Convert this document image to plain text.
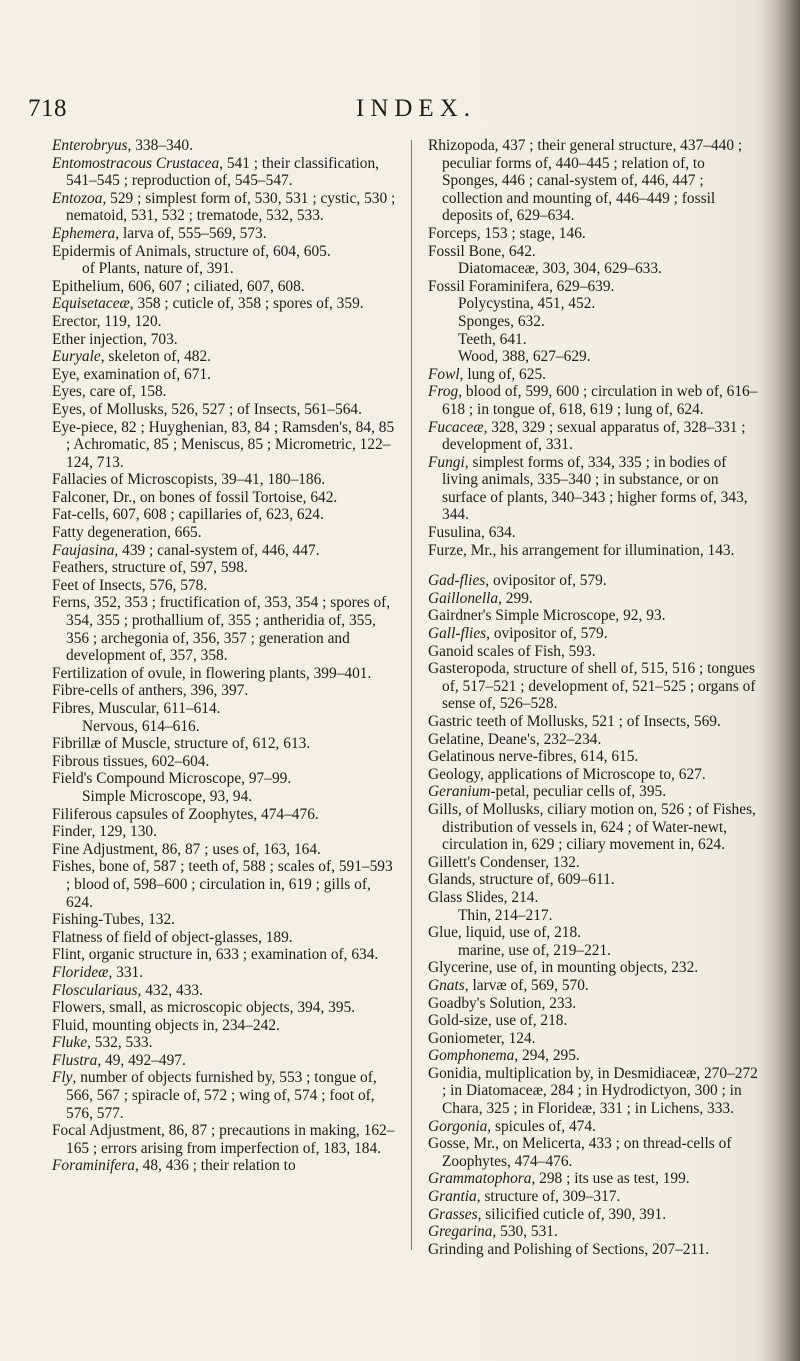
718	INDEX.

Enterobryus, 338–340.

Entomostracous Crustacea, 541 ; their classification, 541–545 ; reproduction of, 545–547.

Entozoa, 529 ; simplest form of, 530, 531 ; cystic, 530 ; nematoid, 531, 532 ; trematode, 532, 533.

Ephemera, larva of, 555–569, 573.

Epidermis of Animals, structure of, 604, 605.

of Plants, nature of, 391.

Epithelium, 606, 607 ; ciliated, 607, 608.

Equisetaceæ, 358 ; cuticle of, 358 ; spores of, 359.

Erector, 119, 120.

Ether injection, 703.

Euryale, skeleton of, 482.

Eye, examination of, 671.

Eyes, care of, 158.

Eyes, of Mollusks, 526, 527 ; of Insects, 561–564.

Eye-piece, 82 ; Huyghenian, 83, 84 ; Ramsden's, 84, 85 ; Achromatic, 85 ; Meniscus, 85 ; Micrometric, 122–124, 713.

Fallacies of Microscopists, 39–41, 180–186.

Falconer, Dr., on bones of fossil Tortoise, 642.

Fat-cells, 607, 608 ; capillaries of, 623, 624.

Fatty degeneration, 665.

Faujasina, 439 ; canal-system of, 446, 447.

Feathers, structure of, 597, 598.

Feet of Insects, 576, 578.

Ferns, 352, 353 ; fructification of, 353, 354 ; spores of, 354, 355 ; prothallium of, 355 ; antheridia of, 355, 356 ; archegonia of, 356, 357 ; generation and development of, 357, 358.

Fertilization of ovule, in flowering plants, 399–401.

Fibre-cells of anthers, 396, 397.

Fibres, Muscular, 611–614.

Nervous, 614–616.

Fibrillæ of Muscle, structure of, 612, 613.

Fibrous tissues, 602–604.

Field's Compound Microscope, 97–99.

Simple Microscope, 93, 94.

Filiferous capsules of Zoophytes, 474–476.

Finder, 129, 130.

Fine Adjustment, 86, 87 ; uses of, 163, 164.

Fishes, bone of, 587 ; teeth of, 588 ; scales of, 591–593 ; blood of, 598–600 ; circulation in, 619 ; gills of, 624.

Fishing-Tubes, 132.

Flatness of field of object-glasses, 189.

Flint, organic structure in, 633 ; examination of, 634.

Florideæ, 331.

Flosculariaus, 432, 433.

Flowers, small, as microscopic objects, 394, 395.

Fluid, mounting objects in, 234–242.

Fluke, 532, 533.

Flustra, 49, 492–497.

Fly, number of objects furnished by, 553 ; tongue of, 566, 567 ; spiracle of, 572 ; wing of, 574 ; foot of, 576, 577.

Focal Adjustment, 86, 87 ; precautions in making, 162–165 ; errors arising from imperfection of, 183, 184.

Foraminifera, 48, 436 ; their relation to

Rhizopoda, 437 ; their general structure, 437–440 ; peculiar forms of, 440–445 ; relation of, to Sponges, 446 ; canal-system of, 446, 447 ; collection and mounting of, 446–449 ; fossil deposits of, 629–634.

Forceps, 153 ; stage, 146.

Fossil Bone, 642.

Diatomaceæ, 303, 304, 629–633.

Fossil Foraminifera, 629–639.

Polycystina, 451, 452.

Sponges, 632.

Teeth, 641.

Wood, 388, 627–629.

Fowl, lung of, 625.

Frog, blood of, 599, 600 ; circulation in web of, 616–618 ; in tongue of, 618, 619 ; lung of, 624.

Fucaceæ, 328, 329 ; sexual apparatus of, 328–331 ; development of, 331.

Fungi, simplest forms of, 334, 335 ; in bodies of living animals, 335–340 ; in substance, or on surface of plants, 340–343 ; higher forms of, 343, 344.

Fusulina, 634.

Furze, Mr., his arrangement for illumination, 143.

Gad-flies, ovipositor of, 579.

Gaillonella, 299.

Gairdner's Simple Microscope, 92, 93.

Gall-flies, ovipositor of, 579.

Ganoid scales of Fish, 593.

Gasteropoda, structure of shell of, 515, 516 ; tongues of, 517–521 ; development of, 521–525 ; organs of sense of, 526–528.

Gastric teeth of Mollusks, 521 ; of Insects, 569.

Gelatine, Deane's, 232–234.

Gelatinous nerve-fibres, 614, 615.

Geology, applications of Microscope to, 627.

Geranium-petal, peculiar cells of, 395.

Gills, of Mollusks, ciliary motion on, 526 ; of Fishes, distribution of vessels in, 624 ; of Water-newt, circulation in, 629 ; ciliary movement in, 624.

Gillett's Condenser, 132.

Glands, structure of, 609–611.

Glass Slides, 214.

Thin, 214–217.

Glue, liquid, use of, 218.

marine, use of, 219–221.

Glycerine, use of, in mounting objects, 232.

Gnats, larvæ of, 569, 570.

Goadby's Solution, 233.

Gold-size, use of, 218.

Goniometer, 124.

Gomphonema, 294, 295.

Gonidia, multiplication by, in Desmidiaceæ, 270–272 ; in Diatomaceæ, 284 ; in Hydrodictyon, 300 ; in Chara, 325 ; in Florideæ, 331 ; in Lichens, 333.

Gorgonia, spicules of, 474.

Gosse, Mr., on Melicerta, 433 ; on thread-cells of Zoophytes, 474–476.

Grammatophora, 298 ; its use as test, 199.

Grantia, structure of, 309–317.

Grasses, silicified cuticle of, 390, 391.

Gregarina, 530, 531.

Grinding and Polishing of Sections, 207–211.
